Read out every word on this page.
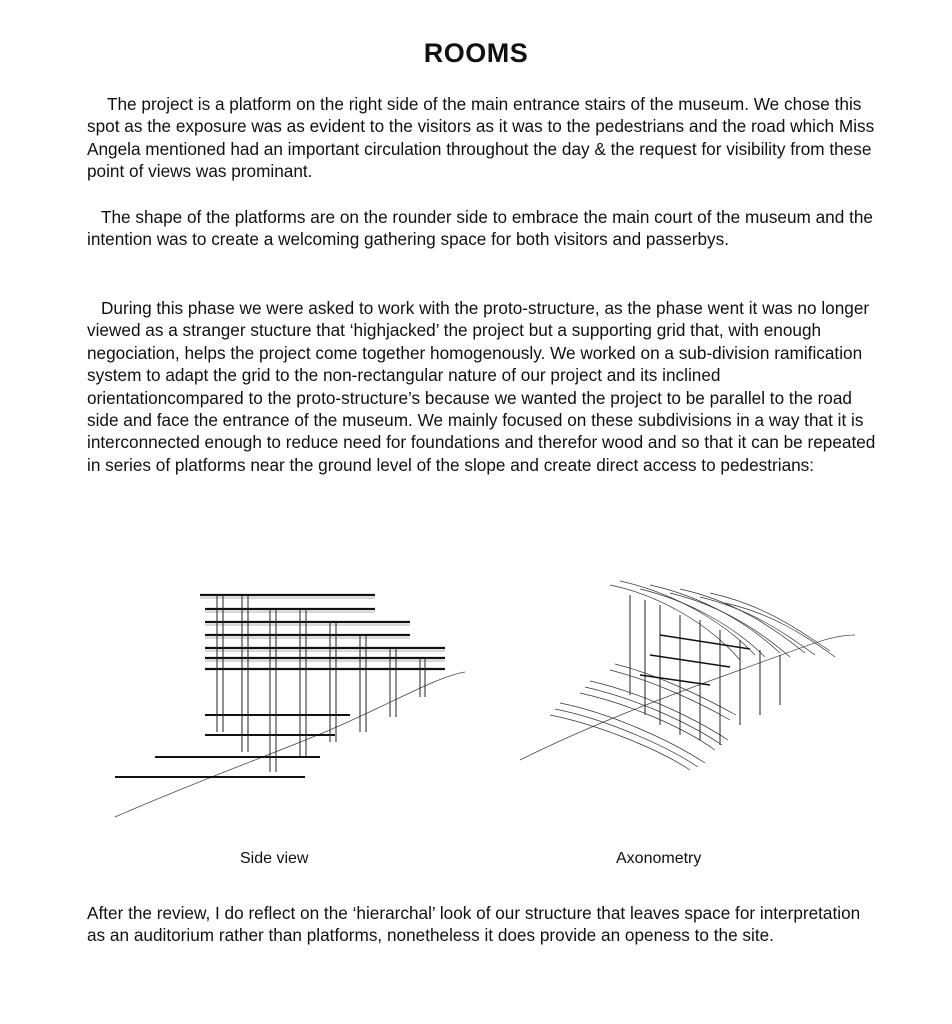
ROOMS

The project is a platform on the right side of the main entrance stairs of the museum. We chose this spot as the exposure was as evident to the visitors as it was to the pedestrians and the road which Miss Angela mentioned had an important circulation throughout the day & the request for visibility from these point of views was prominant.

The shape of the platforms are on the rounder side to embrace the main court of the museum and the intention was to create a welcoming gathering space for both visitors and passerbys.

During this phase we were asked to work with the proto-structure, as the phase went it was no longer viewed as a stranger stucture that ‘highjacked’ the project but a supporting grid that, with enough negociation, helps the project come together homogenously. We worked on a sub-division ramification system to adapt the grid to the non-rectangular nature of our project and its inclined orientationcompared to the proto-structure’s because we wanted the project to be parallel to the road side and face the entrance of the museum. We mainly focused on these subdivisions in a way that it is interconnected enough to reduce need for foundations and therefor wood and so that it can be repeated in series of platforms near the ground level of the slope and create direct access to pedestrians:

Side view	Axonometry

After the review, I do reflect on the ‘hierarchal’ look of our structure that leaves space for interpretation as an auditorium rather than platforms, nonetheless it does provide an openess to the site.
